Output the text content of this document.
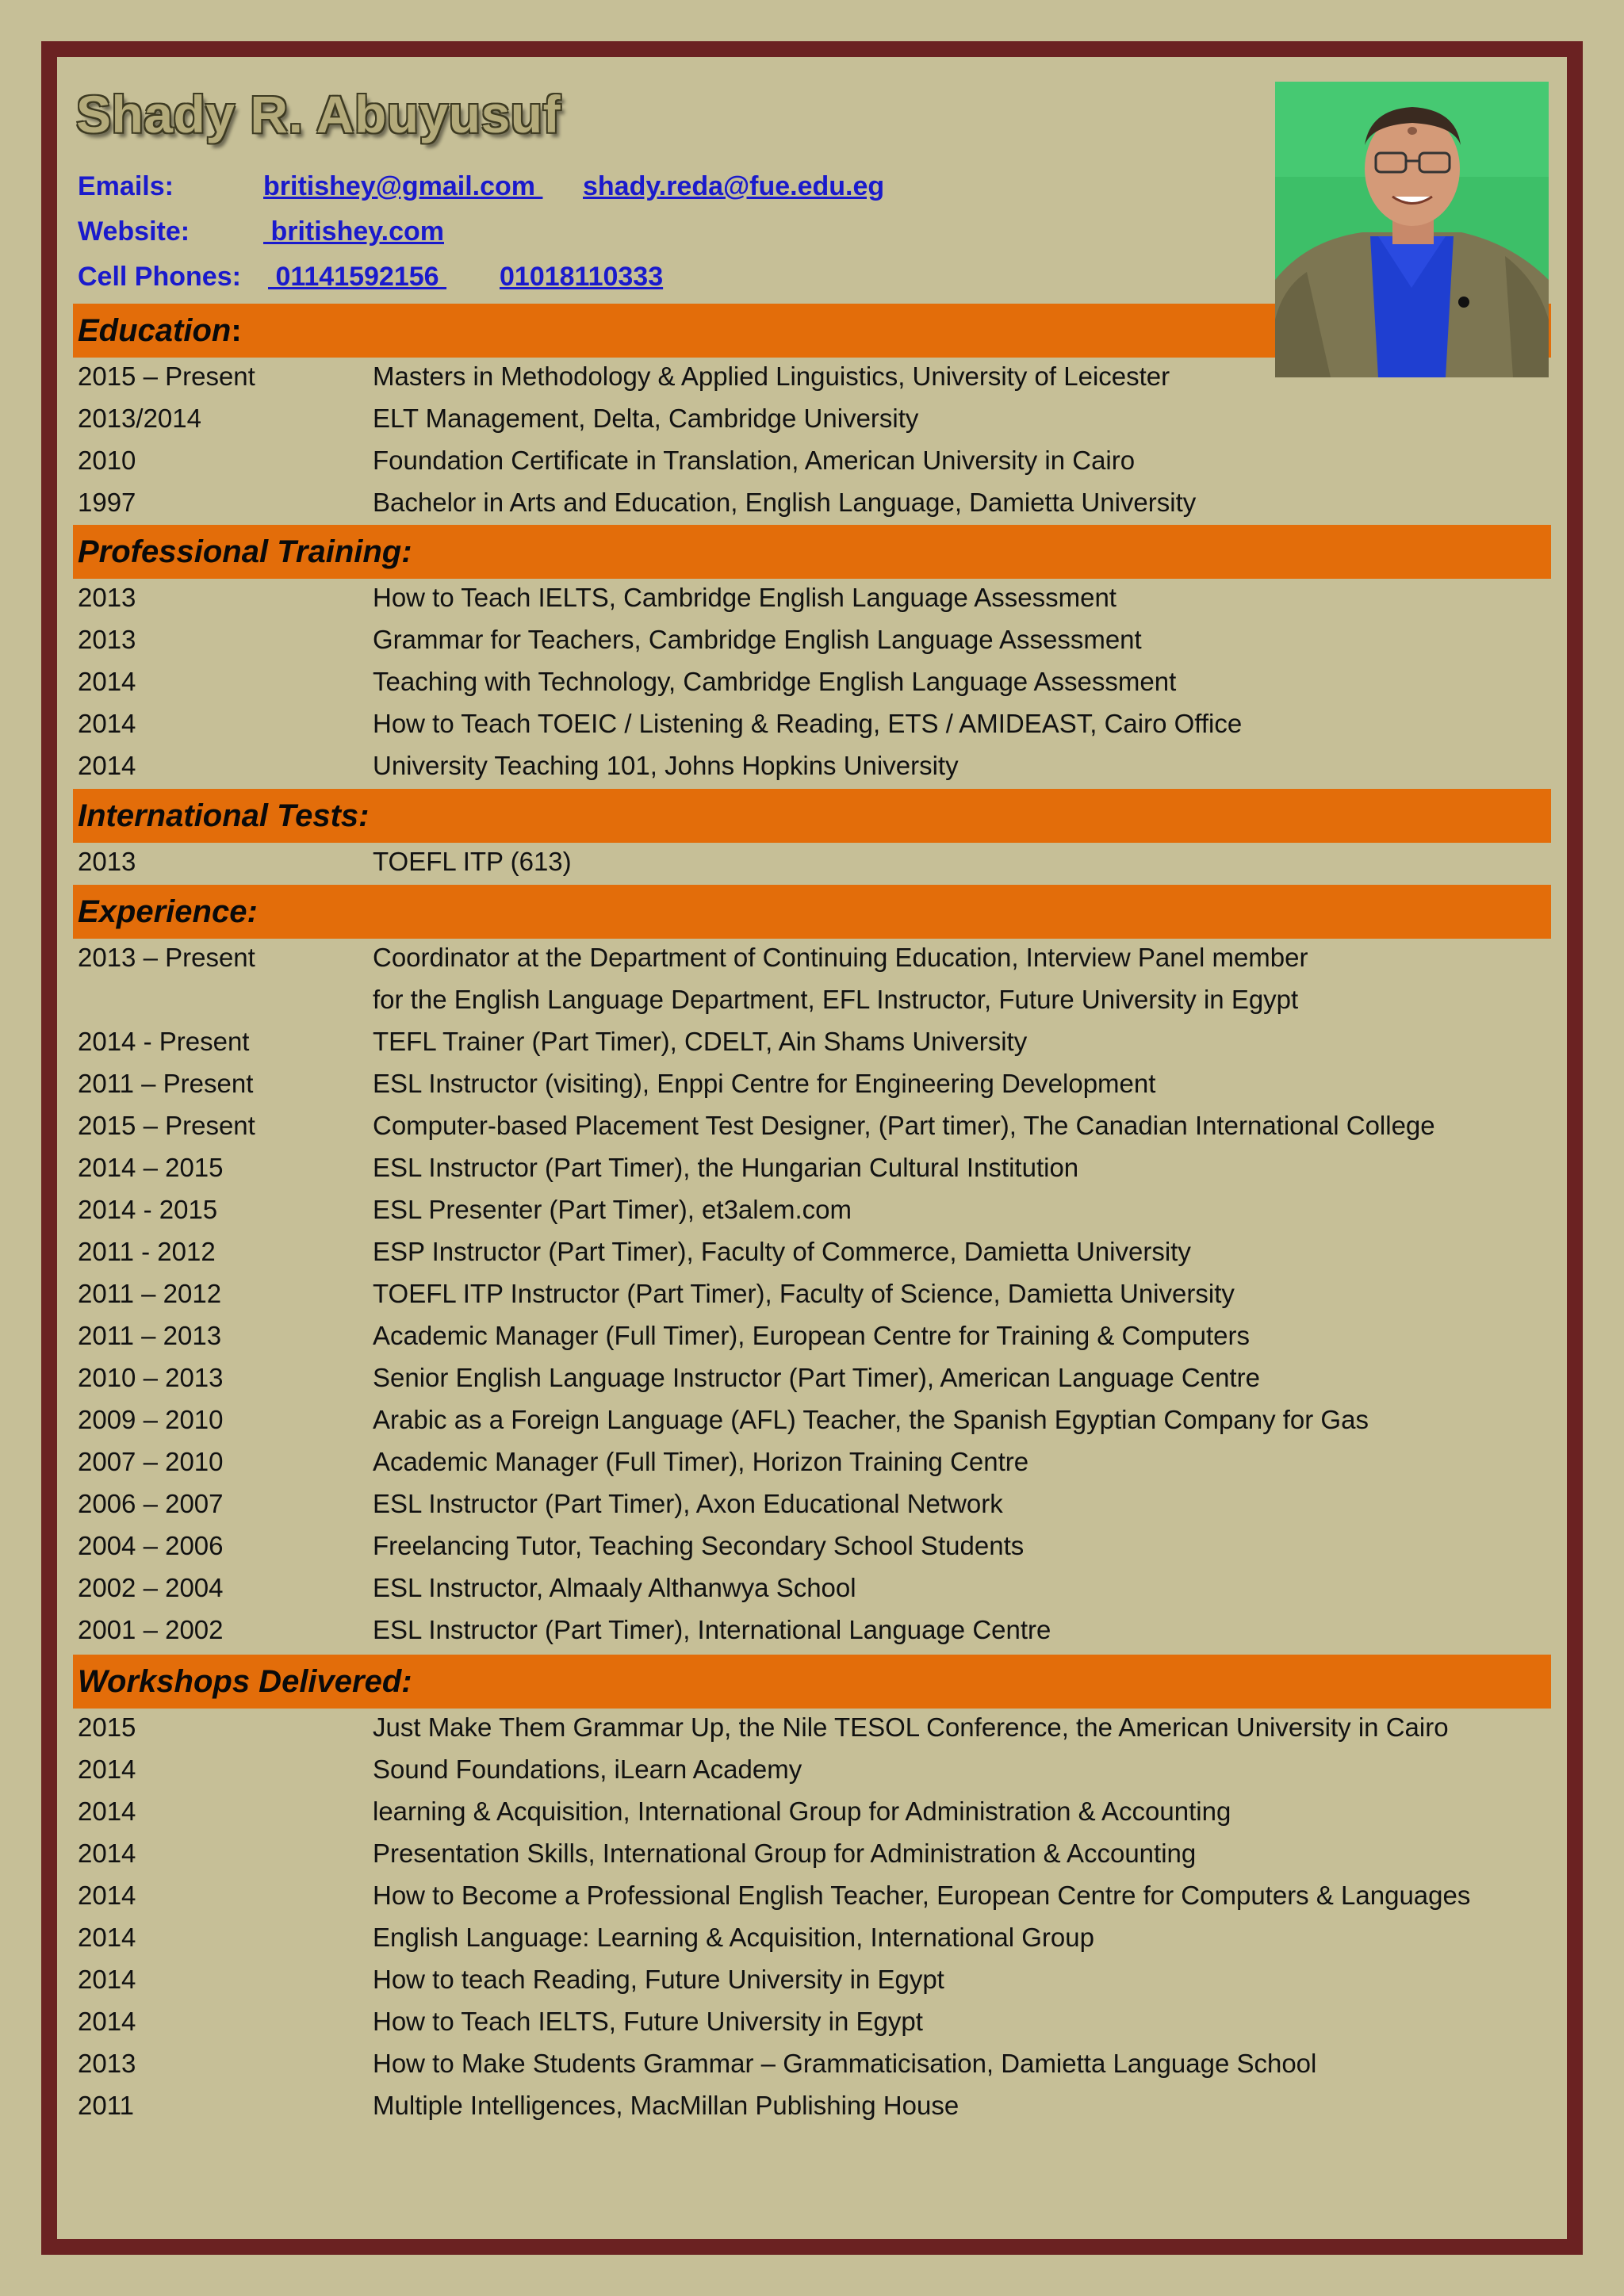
Shady R. Abuyusuf
Emails:	britishey@gmail.com shady.reda@fue.edu.eg
Website:	britishey.com
Cell Phones: 01141592156 01018110333
Education:
2015 – Present	Masters in Methodology & Applied Linguistics, University of Leicester
2013/2014	ELT Management, Delta, Cambridge University
2010	Foundation Certificate in Translation, American University in Cairo
1997	Bachelor in Arts and Education, English Language, Damietta University
Professional Training:
2013	How to Teach IELTS, Cambridge English Language Assessment
2013	Grammar for Teachers, Cambridge English Language Assessment
2014	Teaching with Technology, Cambridge English Language Assessment
2014	How to Teach TOEIC / Listening & Reading, ETS / AMIDEAST, Cairo Office
2014	University Teaching 101, Johns Hopkins University
International Tests:
2013	TOEFL ITP (613)
Experience:
2013 – Present	Coordinator at the Department of Continuing Education, Interview Panel member
for the English Language Department, EFL Instructor, Future University in Egypt
2014 - Present	TEFL Trainer (Part Timer), CDELT, Ain Shams University
2011 – Present	ESL Instructor (visiting), Enppi Centre for Engineering Development
2015 – Present	Computer-based Placement Test Designer, (Part timer), The Canadian International College
2014 – 2015	ESL Instructor (Part Timer), the Hungarian Cultural Institution
2014 - 2015	ESL Presenter (Part Timer), et3alem.com
2011 - 2012	ESP Instructor (Part Timer), Faculty of Commerce, Damietta University
2011 – 2012	TOEFL ITP Instructor (Part Timer), Faculty of Science, Damietta University
2011 – 2013	Academic Manager (Full Timer), European Centre for Training & Computers
2010 – 2013	Senior English Language Instructor (Part Timer), American Language Centre
2009 – 2010	Arabic as a Foreign Language (AFL) Teacher, the Spanish Egyptian Company for Gas
2007 – 2010	Academic Manager (Full Timer), Horizon Training Centre
2006 – 2007	ESL Instructor (Part Timer), Axon Educational Network
2004 – 2006	Freelancing Tutor, Teaching Secondary School Students
2002 – 2004	ESL Instructor, Almaaly Althanwya School
2001 – 2002	ESL Instructor (Part Timer), International Language Centre
Workshops Delivered:
2015	Just Make Them Grammar Up, the Nile TESOL Conference, the American University in Cairo
2014	Sound Foundations, iLearn Academy
2014	learning & Acquisition, International Group for Administration & Accounting
2014	Presentation Skills, International Group for Administration & Accounting
2014	How to Become a Professional English Teacher, European Centre for Computers & Languages
2014	English Language: Learning & Acquisition, International Group
2014	How to teach Reading, Future University in Egypt
2014	How to Teach IELTS, Future University in Egypt
2013	How to Make Students Grammar – Grammaticisation, Damietta Language School
2011	Multiple Intelligences, MacMillan Publishing House
